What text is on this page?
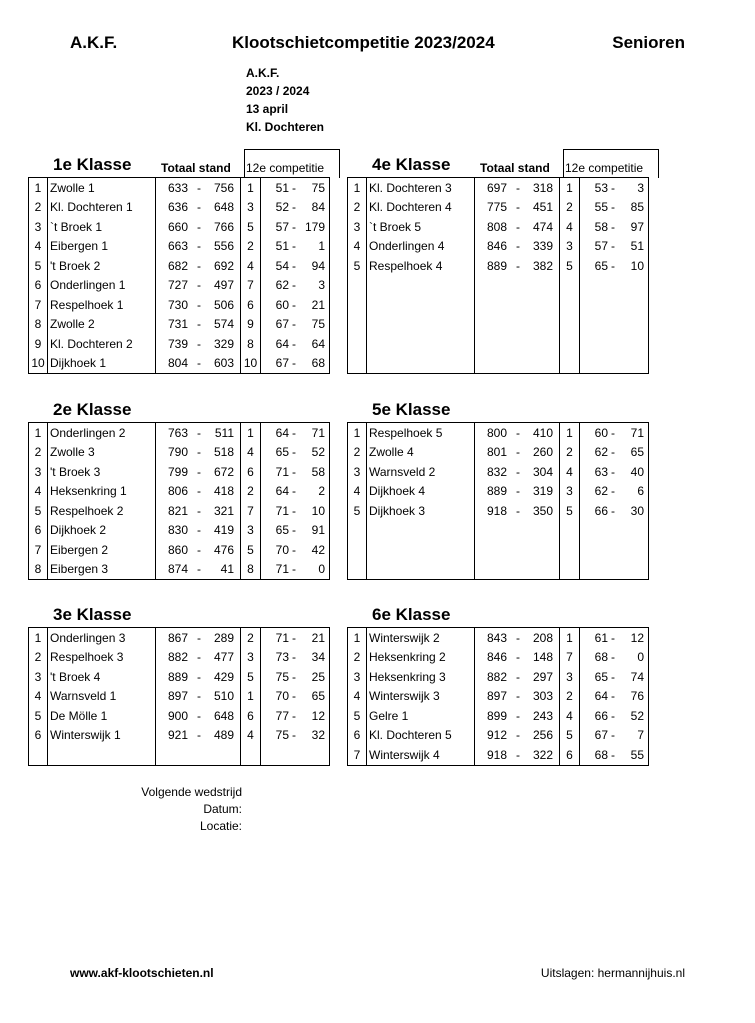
A.K.F.	Klootschietcompetitie 2023/2024	Senioren
A.K.F.
2023 / 2024
13 april
Kl. Dochteren
1e Klasse Totaal stand 12e competitie
1	Zwolle 1	633 - 756	1	51 - 75	

2	Kl. Dochteren 1	636 - 648	3	52 - 84	

3	`t Broek 1	660 - 766	5	57 - 179	

4	Eibergen 1	663 - 556	2	51 - 1	

5	't Broek 2	682 - 692	4	54 - 94	

6	Onderlingen 1	727 - 497	7	62 - 3	

7	Respelhoek 1	730 - 506	6	60 - 21	

8	Zwolle 2	731 - 574	9	67 - 75	

9	Kl. Dochteren 2	739 - 329	8	64 - 64	

10	Dijkhoek 1	804 - 603	10	67 - 68	

4e Klasse Totaal stand 12e competitie
1	Kl. Dochteren 3	697 - 318	1	53 - 3	

2	Kl. Dochteren 4	775 - 451	2	55 - 85	

3	`t Broek 5	808 - 474	4	58 - 97	

4	Onderlingen 4	846 - 339	3	57 - 51	

5	Respelhoek 4	889 - 382	5	65 - 10	

2e Klasse
1	Onderlingen 2	763 - 511	1	64 - 71	

2	Zwolle 3	790 - 518	4	65 - 52	

3	't Broek 3	799 - 672	6	71 - 58	

4	Heksenkring 1	806 - 418	2	64 - 2	

5	Respelhoek 2	821 - 321	7	71 - 10	

6	Dijkhoek 2	830 - 419	3	65 - 91	

7	Eibergen 2	860 - 476	5	70 - 42	

8	Eibergen 3	874 - 41	8	71 - 0	

5e Klasse
1	Respelhoek 5	800 - 410	1	60 - 71	

2	Zwolle 4	801 - 260	2	62 - 65	

3	Warnsveld 2	832 - 304	4	63 - 40	

4	Dijkhoek 4	889 - 319	3	62 - 6	

5	Dijkhoek 3	918 - 350	5	66 - 30	

3e Klasse
1	Onderlingen 3	867 - 289	2	71 - 21	

2	Respelhoek 3	882 - 477	3	73 - 34	

3	't Broek 4	889 - 429	5	75 - 25	

4	Warnsveld 1	897 - 510	1	70 - 65	

5	De Mölle 1	900 - 648	6	77 - 12	

6	Winterswijk 1	921 - 489	4	75 - 32	

6e Klasse
1	Winterswijk 2	843 - 208	1	61 - 12	

2	Heksenkring 2	846 - 148	7	68 - 0	

3	Heksenkring 3	882 - 297	3	65 - 74	

4	Winterswijk 3	897 - 303	2	64 - 76	

5	Gelre 1	899 - 243	4	66 - 52	

6	Kl. Dochteren 5	912 - 256	5	67 - 7	

7	Winterswijk 4	918 - 322	6	68 - 55	

Volgende wedstrijd
Datum:
Locatie:
www.akf-klootschieten.nl	Uitslagen: hermannijhuis.nl
